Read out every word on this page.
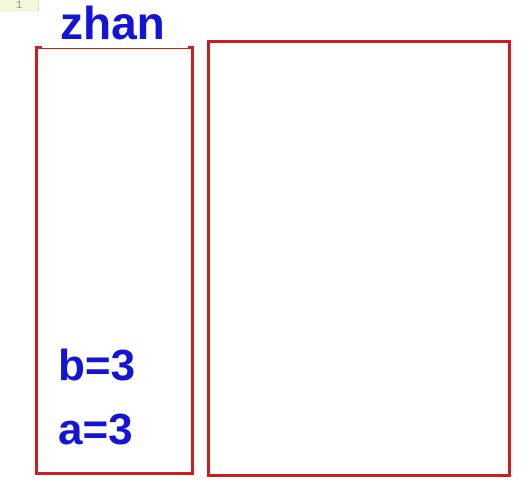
1 zhan
b=3
a=3
